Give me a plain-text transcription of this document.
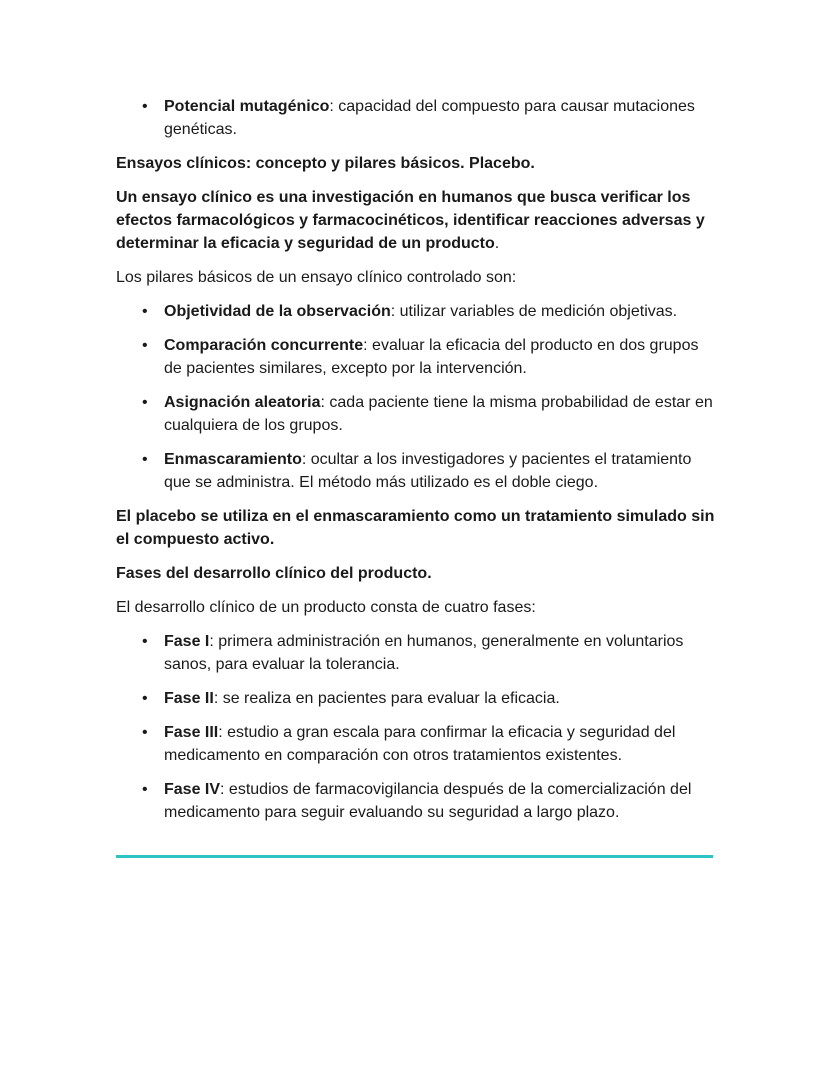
• Potencial mutagénico: capacidad del compuesto para causar mutaciones genéticas.

Ensayos clínicos: concepto y pilares básicos. Placebo.

Un ensayo clínico es una investigación en humanos que busca verificar los efectos farmacológicos y farmacocinéticos, identificar reacciones adversas y determinar la eficacia y seguridad de un producto.

Los pilares básicos de un ensayo clínico controlado son:

• Objetividad de la observación: utilizar variables de medición objetivas.
• Comparación concurrente: evaluar la eficacia del producto en dos grupos de pacientes similares, excepto por la intervención.
• Asignación aleatoria: cada paciente tiene la misma probabilidad de estar en cualquiera de los grupos.
• Enmascaramiento: ocultar a los investigadores y pacientes el tratamiento que se administra. El método más utilizado es el doble ciego.

El placebo se utiliza en el enmascaramiento como un tratamiento simulado sin el compuesto activo.

Fases del desarrollo clínico del producto.

El desarrollo clínico de un producto consta de cuatro fases:

• Fase I: primera administración en humanos, generalmente en voluntarios sanos, para evaluar la tolerancia.
• Fase II: se realiza en pacientes para evaluar la eficacia.
• Fase III: estudio a gran escala para confirmar la eficacia y seguridad del medicamento en comparación con otros tratamientos existentes.
• Fase IV: estudios de farmacovigilancia después de la comercialización del medicamento para seguir evaluando su seguridad a largo plazo.
